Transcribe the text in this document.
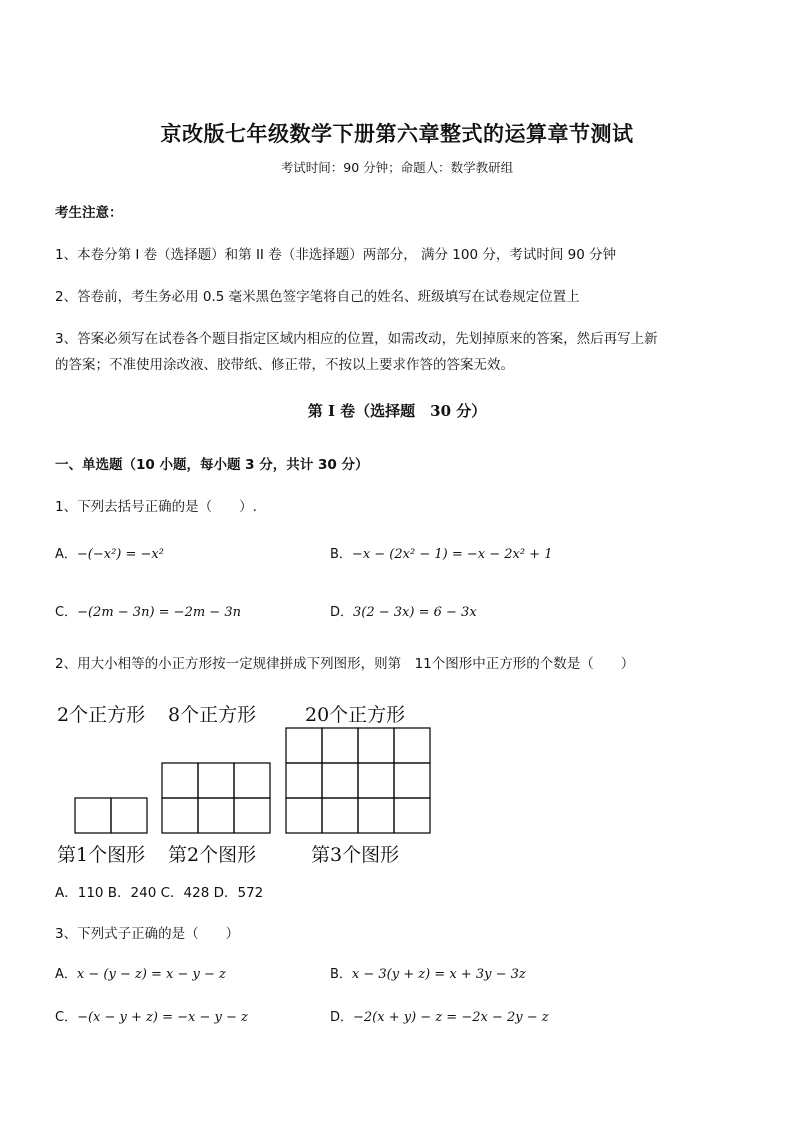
京改版七年级数学下册第六章整式的运算章节测试
考试时间：90 分钟；命题人：数学教研组
考生注意：
1、本卷分第 I 卷（选择题）和第 II 卷（非选择题）两部分， 满分 100 分，考试时间 90 分钟
2、答卷前，考生务必用 0.5 毫米黑色签字笔将自己的姓名、班级填写在试卷规定位置上
3、答案必须写在试卷各个题目指定区域内相应的位置，如需改动，先划掉原来的答案，然后再写上新
的答案；不准使用涂改液、胶带纸、修正带，不按以上要求作答的答案无效。
第 I 卷（选择题　30 分）
一、单选题（10 小题，每小题 3 分，共计 30 分）
1、下列去括号正确的是（　　）.
A．−(−x²) = −x²	B．−x − (2x² − 1) = −x − 2x² + 1
C．−(2m − 3n) = −2m − 3n	D．3(2 − 3x) = 6 − 3x
2、用大小相等的小正方形按一定规律拼成下列图形，则第　11个图形中正方形的个数是（　　）
2个正方形 8个正方形	20个正方形
第1个图形 第2个图形	第3个图形
A．110 B．240 C．428 D．572
3、下列式子正确的是（　　）
A．x − (y − z) = x − y − z	B．x − 3(y + z) = x + 3y − 3z
C．−(x − y + z) = −x − y − z	D．−2(x + y) − z = −2x − 2y − z
